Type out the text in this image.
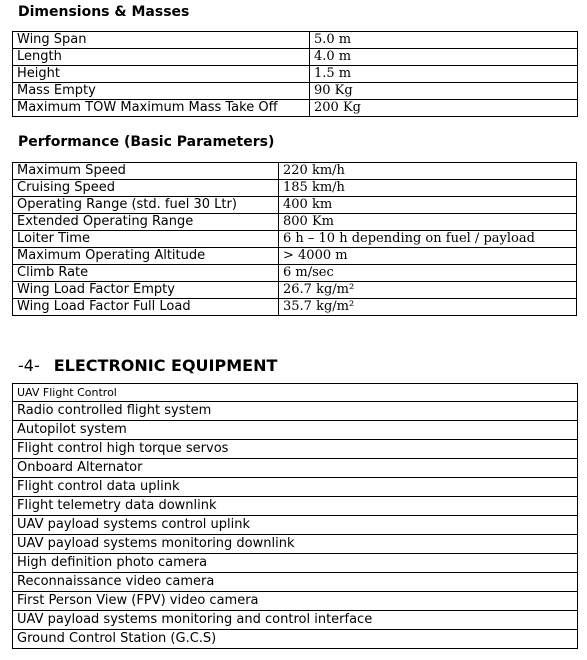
Dimensions & Masses
Wing Span	5.0 m
Length	4.0 m
Height	1.5 m
Mass Empty	90 Kg
Maximum TOW Maximum Mass Take Off	200 Kg
Performance (Basic Parameters)
Maximum Speed	220 km/h
Cruising Speed	185 km/h
Operating Range (std. fuel 30 Ltr)	400 km
Extended Operating Range	800 Km
Loiter Time	6 h – 10 h depending on fuel / payload
Maximum Operating Altitude	> 4000 m
Climb Rate	6 m/sec
Wing Load Factor Empty	26.7 kg/m²
Wing Load Factor Full Load	35.7 kg/m²
-4- ELECTRONIC EQUIPMENT
UAV Flight Control
Radio controlled flight system
Autopilot system
Flight control high torque servos
Onboard Alternator
Flight control data uplink
Flight telemetry data downlink
UAV payload systems control uplink
UAV payload systems monitoring downlink
High definition photo camera
Reconnaissance video camera
First Person View (FPV) video camera
UAV payload systems monitoring and control interface
Ground Control Station (G.C.S)
